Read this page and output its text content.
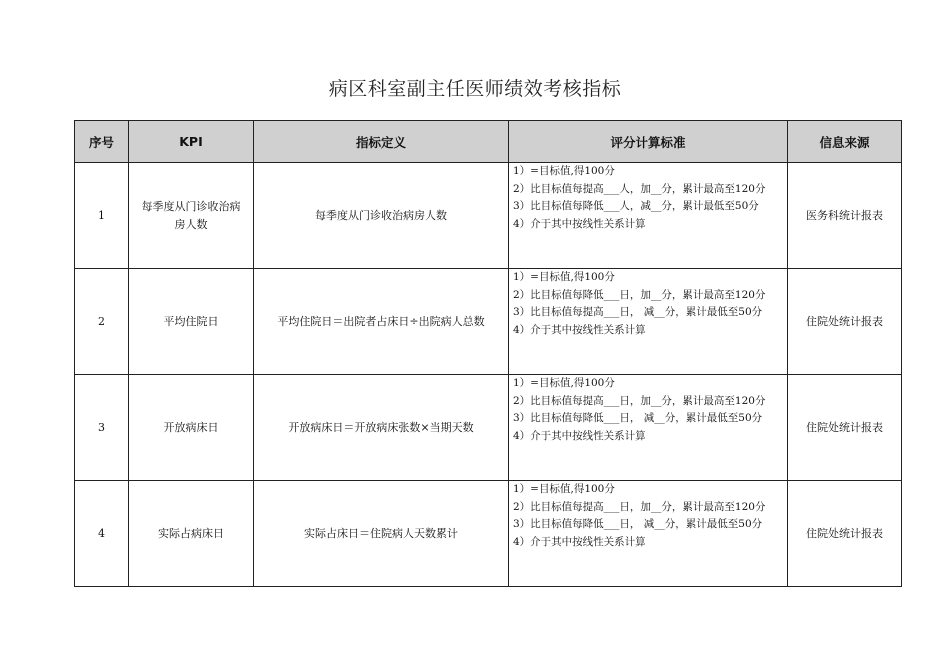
病区科室副主任医师绩效考核指标
序号	KPI	指标定义	评分计算标准	信息来源
1	每季度从门诊收治病房人数	每季度从门诊收治病房人数	1）=目标值,得100分
2）比目标值每提高___人，加__分，累计最高至120分
3）比目标值每降低___人，减__分，累计最低至50分
4）介于其中按线性关系计算	医务科统计报表
2	平均住院日	平均住院日＝出院者占床日÷出院病人总数	1）=目标值,得100分
2）比目标值每降低___日，加__分，累计最高至120分
3）比目标值每提高___日， 减__分，累计最低至50分
4）介于其中按线性关系计算	住院处统计报表
3	开放病床日	开放病床日＝开放病床张数×当期天数	1）=目标值,得100分
2）比目标值每提高___日，加__分，累计最高至120分
3）比目标值每降低___日， 减__分，累计最低至50分
4）介于其中按线性关系计算	住院处统计报表
4	实际占病床日	实际占床日＝住院病人天数累计	1）=目标值,得100分
2）比目标值每提高___日，加__分，累计最高至120分
3）比目标值每降低___日， 减__分，累计最低至50分
4）介于其中按线性关系计算	住院处统计报表
